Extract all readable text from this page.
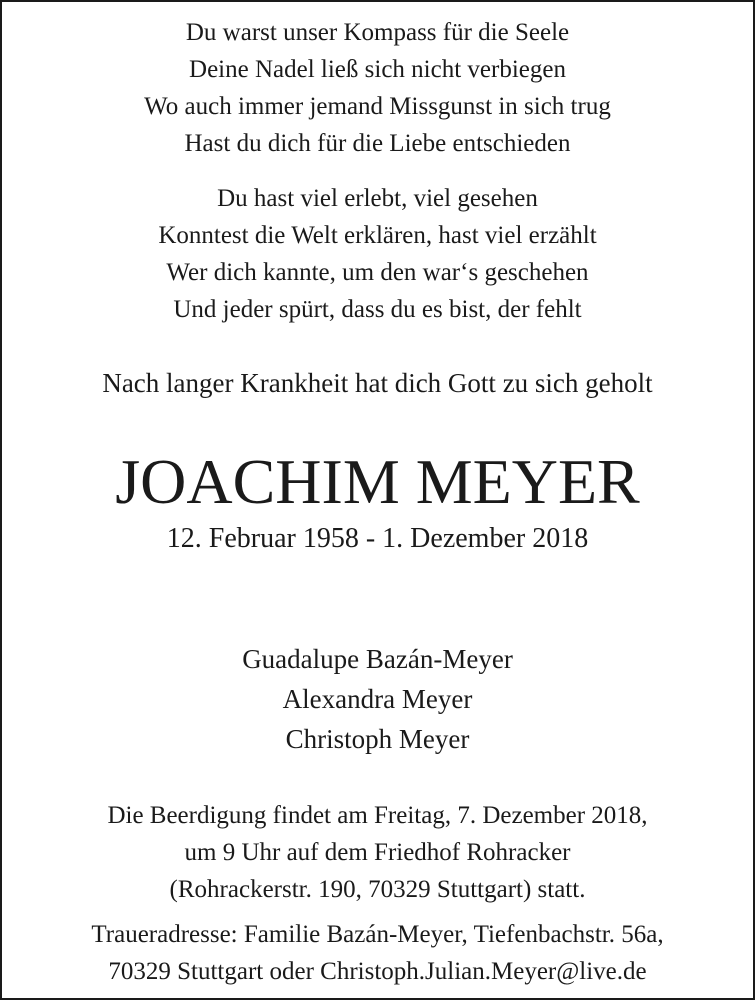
Du warst unser Kompass für die Seele
Deine Nadel ließ sich nicht verbiegen
Wo auch immer jemand Missgunst in sich trug
Hast du dich für die Liebe entschieden
Du hast viel erlebt, viel gesehen
Konntest die Welt erklären, hast viel erzählt
Wer dich kannte, um den war‘s geschehen
Und jeder spürt, dass du es bist, der fehlt
Nach langer Krankheit hat dich Gott zu sich geholt
JOACHIM MEYER
12. Februar 1958 - 1. Dezember 2018
Guadalupe Bazán-Meyer
Alexandra Meyer
Christoph Meyer
Die Beerdigung findet am Freitag, 7. Dezember 2018,
um 9 Uhr auf dem Friedhof Rohracker
(Rohrackerstr. 190, 70329 Stuttgart) statt.
Traueradresse: Familie Bazán-Meyer, Tiefenbachstr. 56a,
70329 Stuttgart oder Christoph.Julian.Meyer@live.de
